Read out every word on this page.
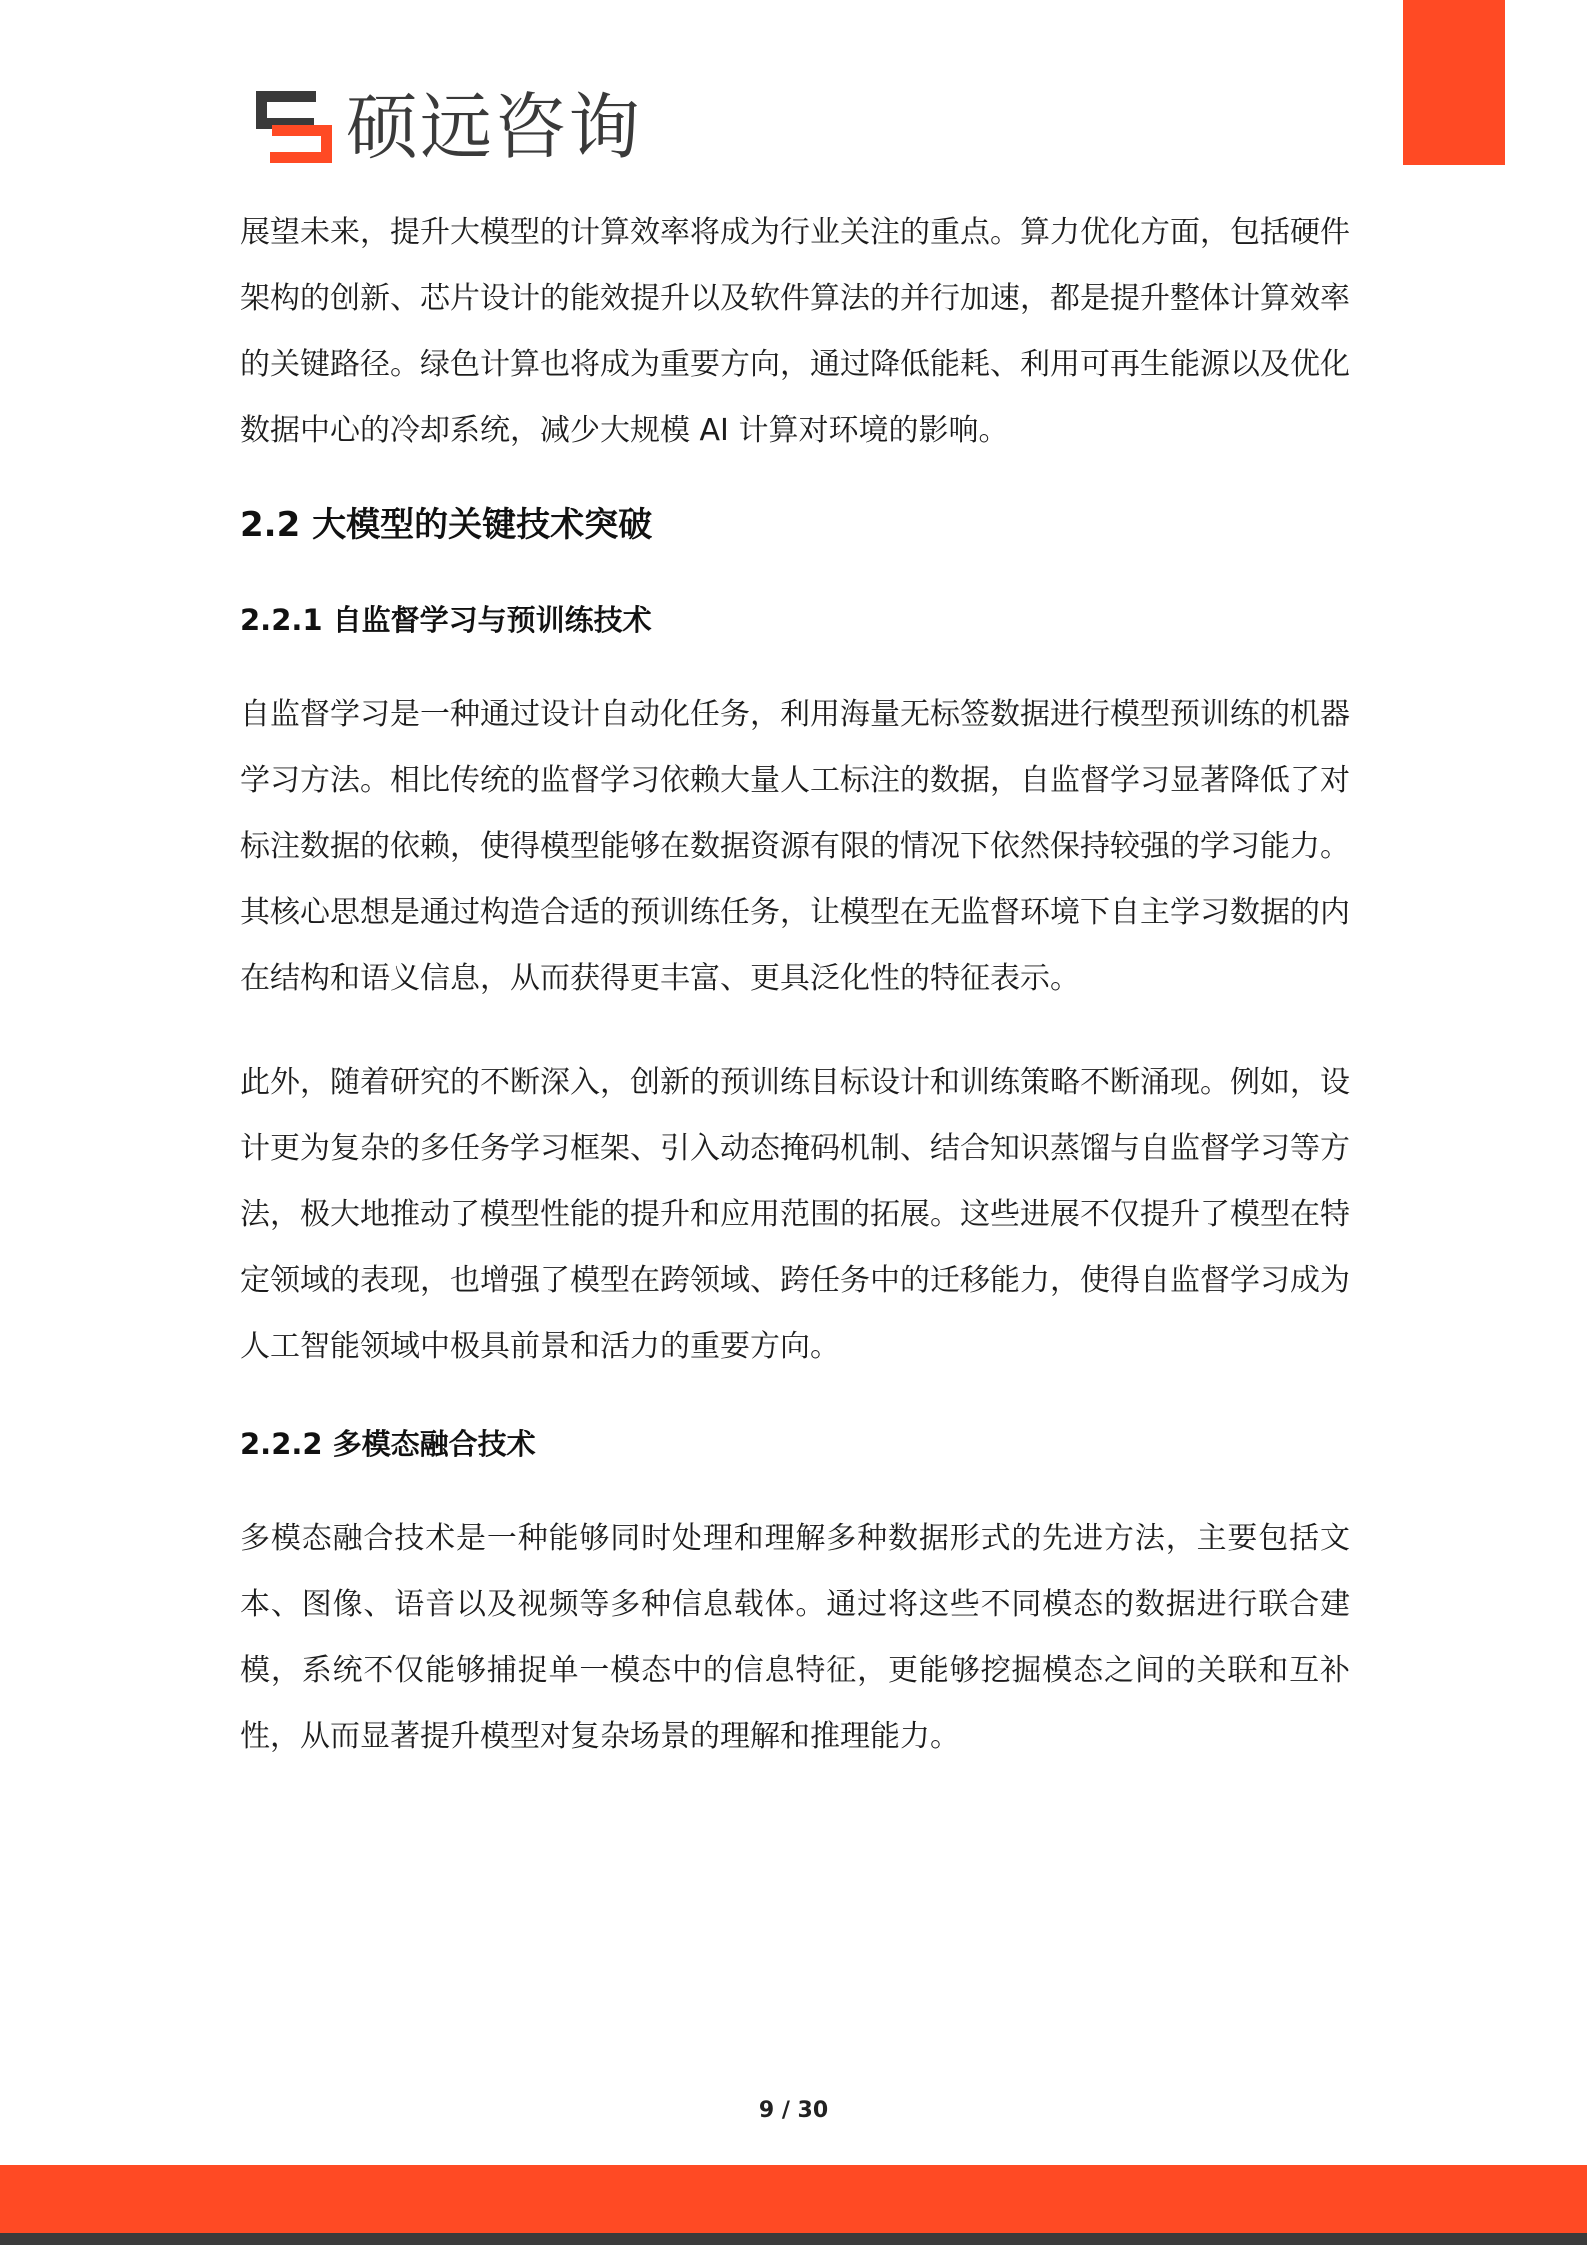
硕远咨询

展望未来，提升大模型的计算效率将成为行业关注的重点。算力优化方面，包括硬件架构的创新、芯片设计的能效提升以及软件算法的并行加速，都是提升整体计算效率的关键路径。绿色计算也将成为重要方向，通过降低能耗、利用可再生能源以及优化数据中心的冷却系统，减少大规模 AI 计算对环境的影响。

2.2 大模型的关键技术突破
2.2.1 自监督学习与预训练技术

自监督学习是一种通过设计自动化任务，利用海量无标签数据进行模型预训练的机器学习方法。相比传统的监督学习依赖大量人工标注的数据，自监督学习显著降低了对标注数据的依赖，使得模型能够在数据资源有限的情况下依然保持较强的学习能力。其核心思想是通过构造合适的预训练任务，让模型在无监督环境下自主学习数据的内在结构和语义信息，从而获得更丰富、更具泛化性的特征表示。

此外，随着研究的不断深入，创新的预训练目标设计和训练策略不断涌现。例如，设计更为复杂的多任务学习框架、引入动态掩码机制、结合知识蒸馏与自监督学习等方法，极大地推动了模型性能的提升和应用范围的拓展。这些进展不仅提升了模型在特定领域的表现，也增强了模型在跨领域、跨任务中的迁移能力，使得自监督学习成为人工智能领域中极具前景和活力的重要方向。

2.2.2 多模态融合技术

多模态融合技术是一种能够同时处理和理解多种数据形式的先进方法，主要包括文本、图像、语音以及视频等多种信息载体。通过将这些不同模态的数据进行联合建模，系统不仅能够捕捉单一模态中的信息特征，更能够挖掘模态之间的关联和互补性，从而显著提升模型对复杂场景的理解和推理能力。

9 / 30
